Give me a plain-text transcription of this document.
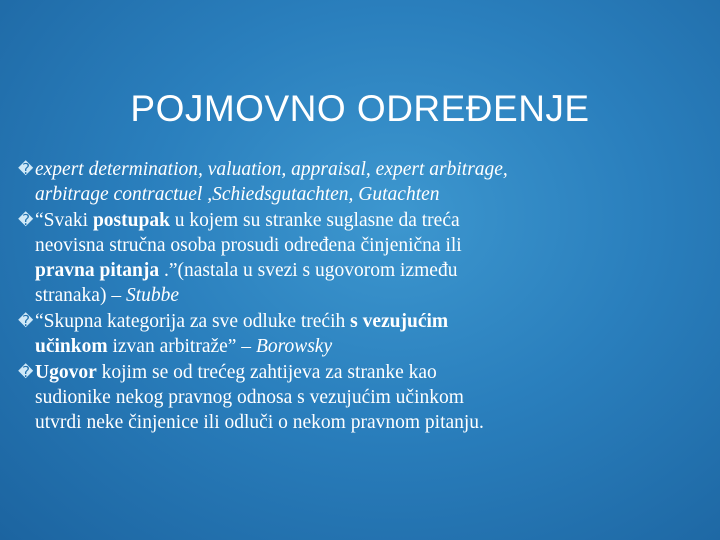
POJMOVNO ODREĐENJE
� expert determination, valuation, appraisal, expert arbitrage,
arbitrage contractuel ,Schiedsgutachten, Gutachten
� “Svaki postupak u kojem su stranke suglasne da treća
neovisna stručna osoba prosudi određena činjenična ili
pravna pitanja .”(nastala u svezi s ugovorom između
stranaka) – Stubbe
� “Skupna kategorija za sve odluke trećih s vezujućim
učinkom izvan arbitraže” – Borowsky
� Ugovor kojim se od trećeg zahtijeva za stranke kao
sudionike nekog pravnog odnosa s vezujućim učinkom
utvrdi neke činjenice ili odluči o nekom pravnom pitanju.
